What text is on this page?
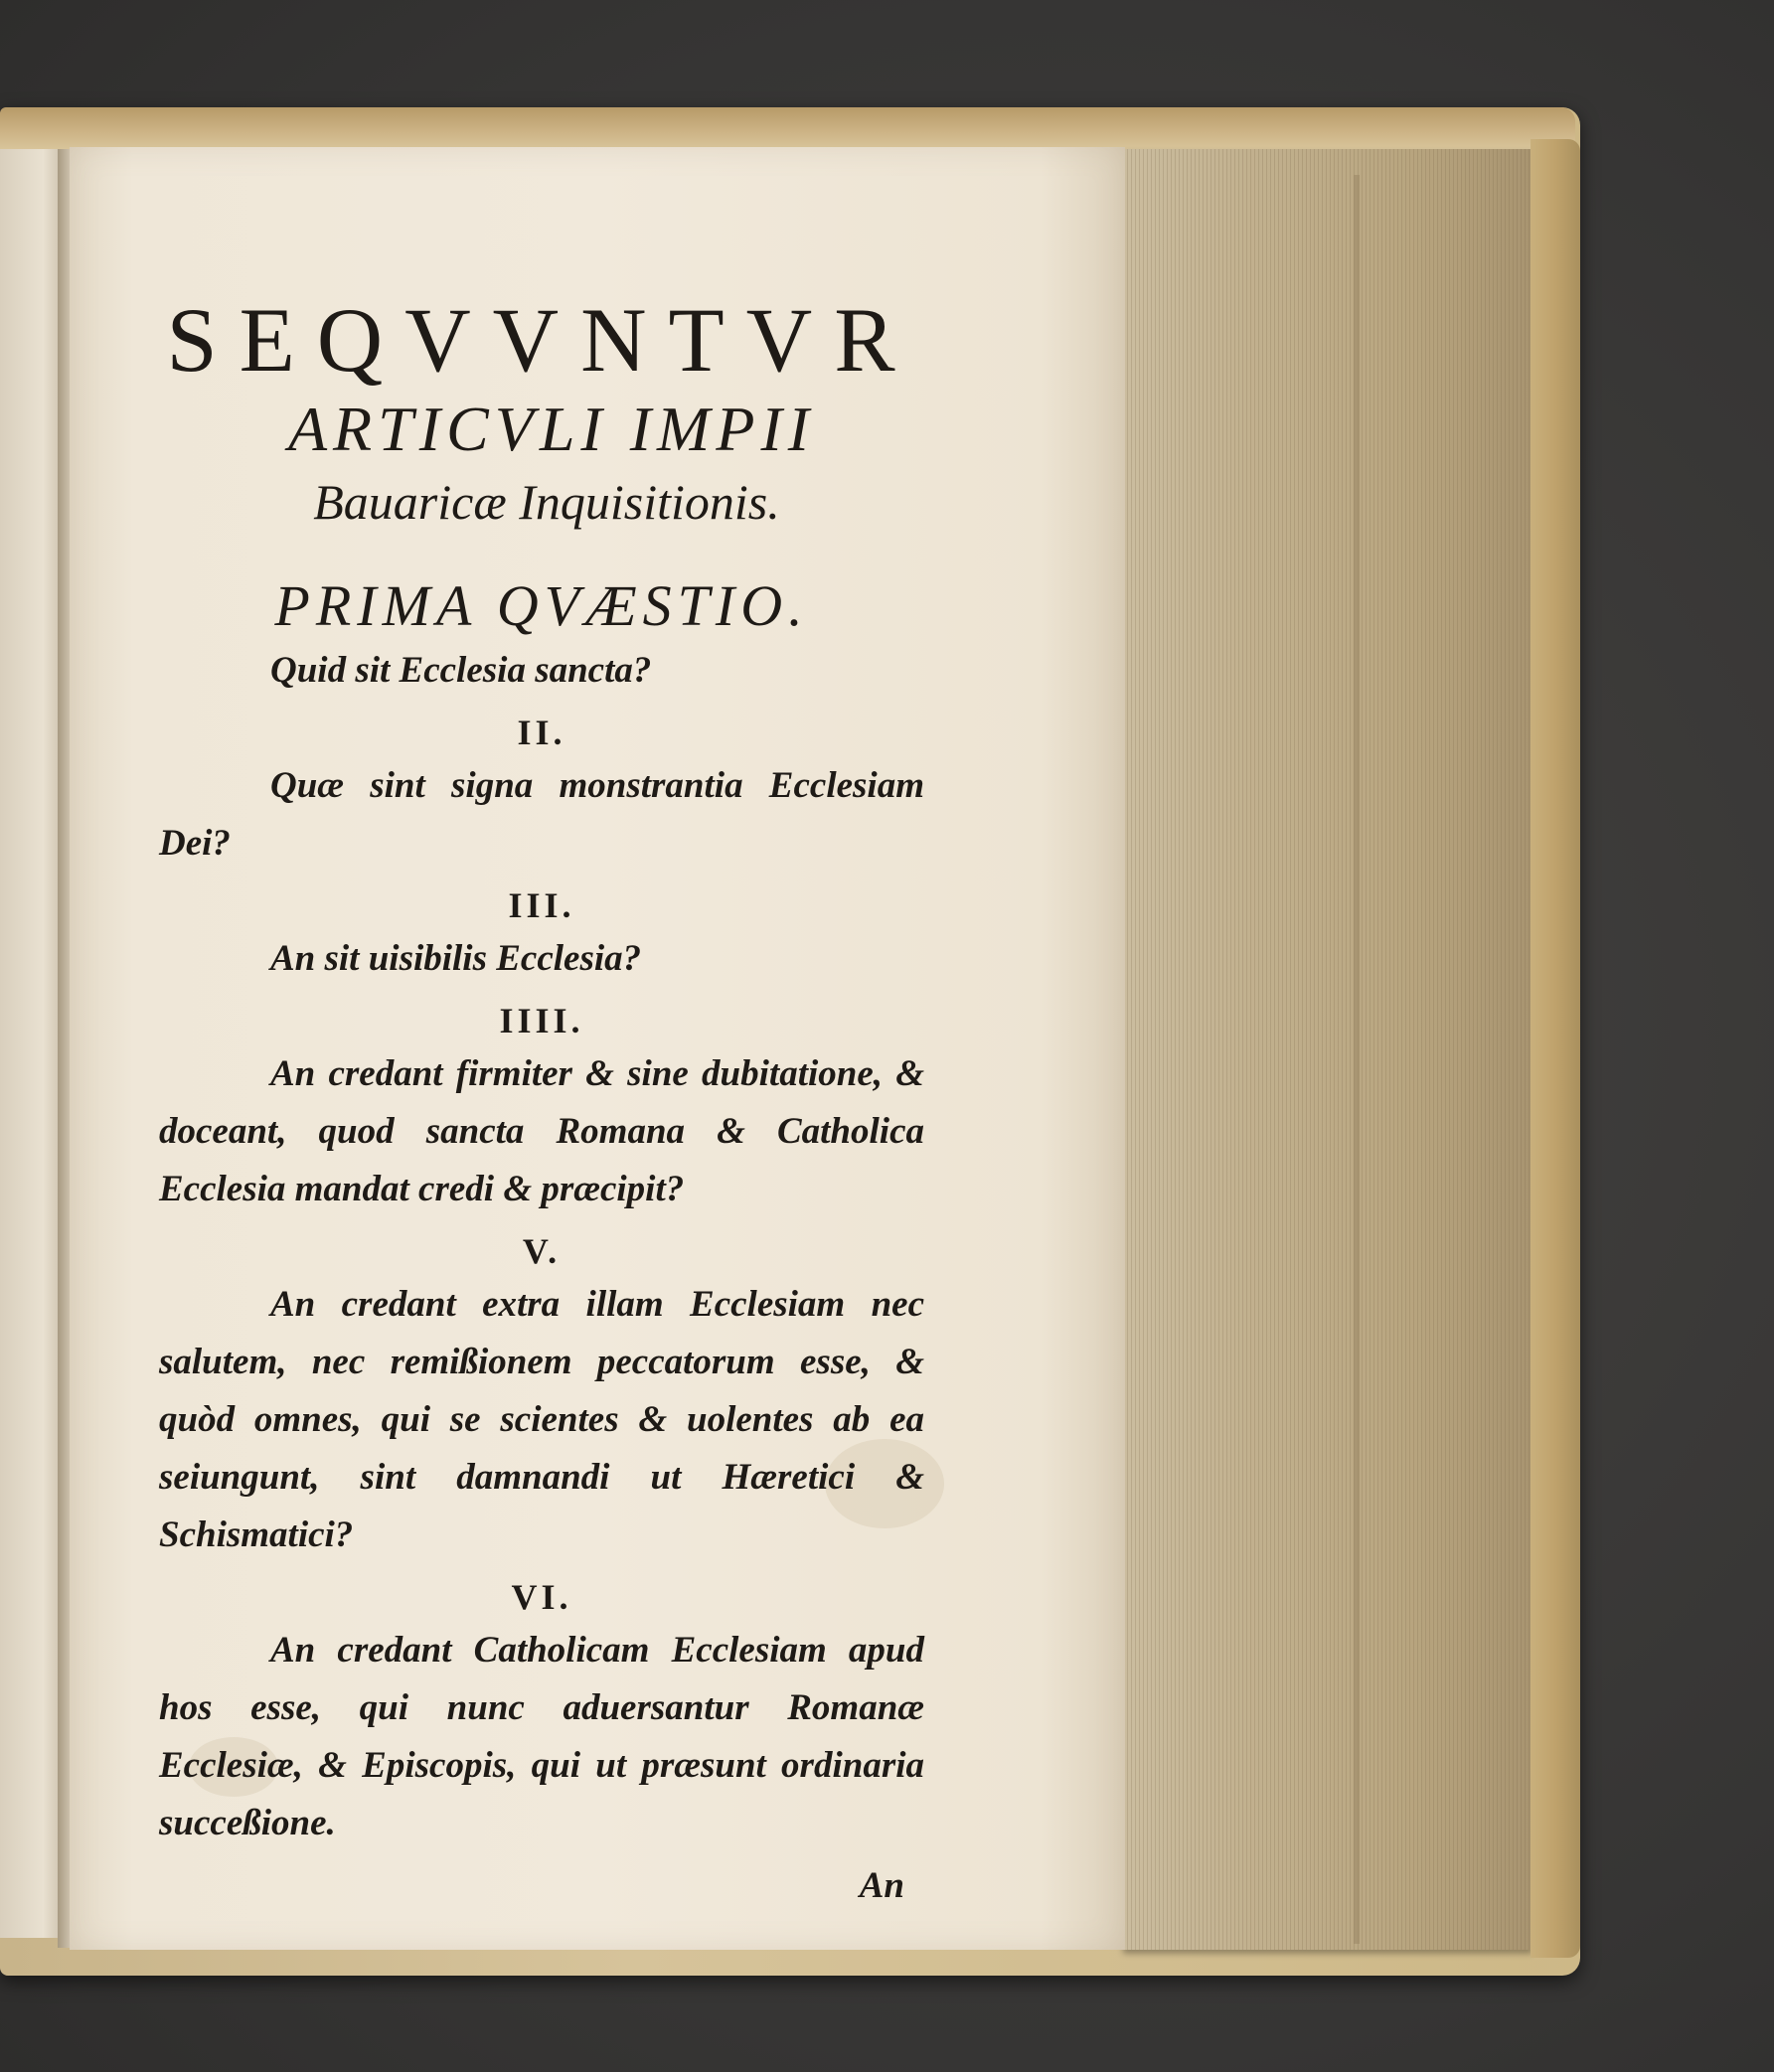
SEQVVNTVR

ARTICVLI IMPII

Bauaricæ Inquisitionis.

PRIMA QVÆSTIO.

Quid sit Ecclesia sancta?

II.

Quæ sint signa monstrantia Ecclesiam Dei?

III.

An sit uisibilis Ecclesia?

IIII.

An credant firmiter & sine dubitatione, & doceant, quod sancta Romana & Catholica Ecclesia mandat credi & præcipit?

V.

An credant extra illam Ecclesiam nec salutem, nec remißionem peccatorum esse, & quòd omnes, qui se scientes & uolentes ab ea seiungunt, sint damnandi ut Hæretici & Schismatici?

VI.

An credant Catholicam Ecclesiam apud hos esse, qui nunc aduersantur Romanæ Ecclesiæ, & Episcopis, qui ut præsunt ordinaria succeßione.

An
